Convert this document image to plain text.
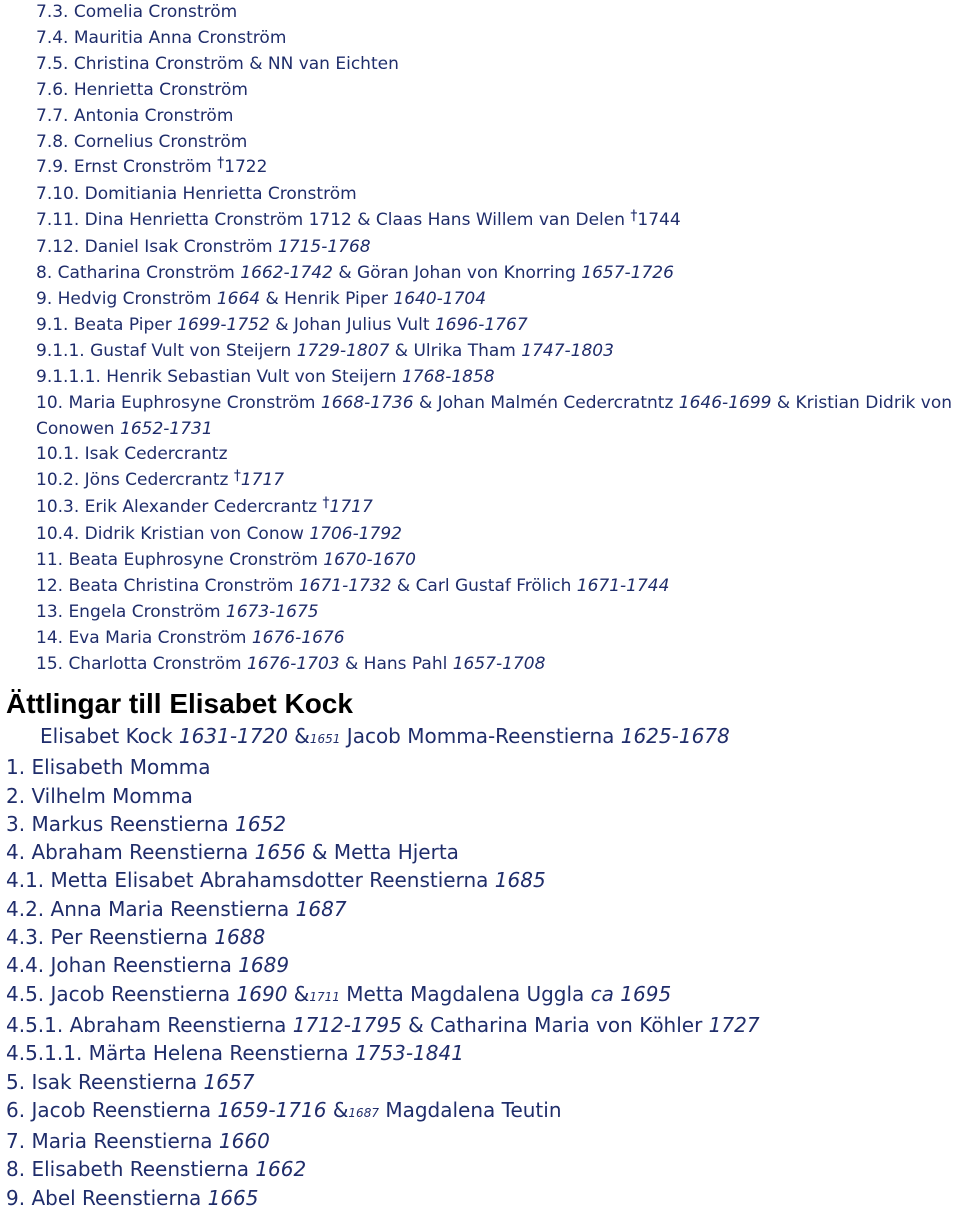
7.3. Comelia Cronström
7.4. Mauritia Anna Cronström
7.5. Christina Cronström & NN van Eichten
7.6. Henrietta Cronström
7.7. Antonia Cronström
7.8. Cornelius Cronström
7.9. Ernst Cronström †1722
7.10. Domitiania Henrietta Cronström
7.11. Dina Henrietta Cronström 1712 & Claas Hans Willem van Delen †1744
7.12. Daniel Isak Cronström 1715-1768
8. Catharina Cronström 1662-1742 & Göran Johan von Knorring 1657-1726
9. Hedvig Cronström 1664 & Henrik Piper 1640-1704
9.1. Beata Piper 1699-1752 & Johan Julius Vult 1696-1767
9.1.1. Gustaf Vult von Steijern 1729-1807 & Ulrika Tham 1747-1803
9.1.1.1. Henrik Sebastian Vult von Steijern 1768-1858
10. Maria Euphrosyne Cronström 1668-1736 & Johan Malmén Cedercratntz 1646-1699 & Kristian Didrik von Conowen 1652-1731
10.1. Isak Cedercrantz
10.2. Jöns Cedercrantz †1717
10.3. Erik Alexander Cedercrantz †1717
10.4. Didrik Kristian von Conow 1706-1792
11. Beata Euphrosyne Cronström 1670-1670
12. Beata Christina Cronström 1671-1732 & Carl Gustaf Frölich 1671-1744
13. Engela Cronström 1673-1675
14. Eva Maria Cronström 1676-1676
15. Charlotta Cronström 1676-1703 & Hans Pahl 1657-1708
Ättlingar till Elisabet Kock
Elisabet Kock 1631-1720 &1651 Jacob Momma-Reenstierna 1625-1678
1. Elisabeth Momma
2. Vilhelm Momma
3. Markus Reenstierna 1652
4. Abraham Reenstierna 1656 & Metta Hjerta
4.1. Metta Elisabet Abrahamsdotter Reenstierna 1685
4.2. Anna Maria Reenstierna 1687
4.3. Per Reenstierna 1688
4.4. Johan Reenstierna 1689
4.5. Jacob Reenstierna 1690 &1711 Metta Magdalena Uggla ca 1695
4.5.1. Abraham Reenstierna 1712-1795 & Catharina Maria von Köhler 1727
4.5.1.1. Märta Helena Reenstierna 1753-1841
5. Isak Reenstierna 1657
6. Jacob Reenstierna 1659-1716 &1687 Magdalena Teutin
7. Maria Reenstierna 1660
8. Elisabeth Reenstierna 1662
9. Abel Reenstierna 1665
